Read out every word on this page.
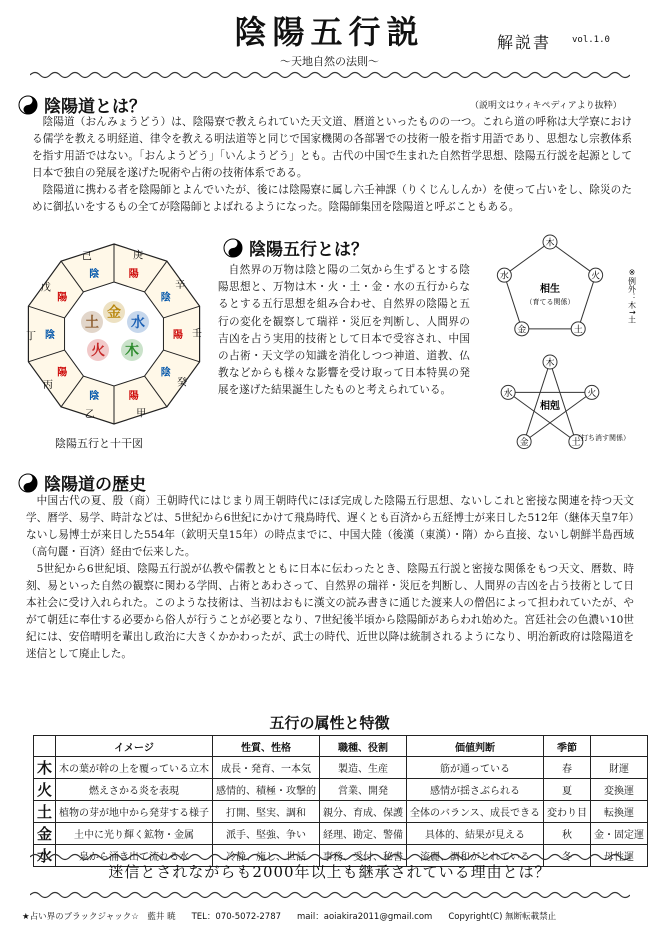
陰陽五行説	解説書 vol.1.0
〜天地自然の法則〜
陰陽道とは？	（説明文はウィキペディアより抜粋）

陰陽道（おんみょうどう）は、陰陽寮で教えられていた天文道、暦道といったものの一つ。これら道の呼称は大学寮における儒学を教える明経道、律令を教える明法道等と同じで国家機関の各部署での技術一般を指す用語であり、思想なし宗教体系を指す用語ではない。「おんようどう」「いんようどう」とも。古代の中国で生まれた自然哲学思想、陰陽五行説を起源として日本で独自の発展を遂げた呪術や占術の技術体系である。

陰陽道に携わる者を陰陽師とよんでいたが、後には陰陽寮に属し六壬神課（りくじんしんか）を使って占いをし、除災のために御払いをするもの全てが陰陽師とよばれるようになった。陰陽師集団を陰陽道と呼ぶこともある。

庚
陽
辛
陰
壬
陽
癸
陰
甲
陽
乙
陰
丙
陽
丁 陰
戊
陽
己
陰
金
水
木
火
土
陰陽五行と十干図
陰陽五行とは？

自然界の万物は陰と陽の二気から生ずるとする陰陽思想と、万物は木・火・土・金・水の五行からなるとする五行思想を組み合わせ、自然界の陰陽と五行の変化を観察して瑞祥・災厄を判断し、人間界の吉凶を占う実用的技術として日本で受容され、中国の占術・天文学の知識を消化しつつ神道、道教、仏教などからも様々な影響を受け取って日本特異の発展を遂げた結果誕生したものと考えられている。

木
火
土
金
水
木
火
土
金
水
相生
（育てる関係）
相剋
（打ち消す関係）
※例外：木↑土
陰陽道の歴史

中国古代の夏、殷（商）王朝時代にはじまり周王朝時代にほぼ完成した陰陽五行思想、ないしこれと密接な関連を持つ天文学、暦学、易学、時計などは、5世紀から6世紀にかけて飛鳥時代、遅くとも百済から五経博士が来日した512年（継体天皇7年）ないし易博士が来日した554年（欽明天皇15年）の時点までに、中国大陸（後漢（東漢）・隋）から直接、ないし朝鮮半島西域（高句麗・百済）経由で伝来した。

5世紀から6世紀頃、陰陽五行説が仏教や儒教とともに日本に伝わったとき、陰陽五行説と密接な関係をもつ天文、暦数、時刻、易といった自然の観察に関わる学問、占術とあわさって、自然界の瑞祥・災厄を判断し、人間界の吉凶を占う技術として日本社会に受け入れられた。このような技術は、当初はおもに漢文の読み書きに通じた渡来人の僧侶によって担われていたが、やがて朝廷に奉仕する必要から俗人が行うことが必要となり、7世紀後半頃から陰陽師があらわれ始めた。宮廷社会の色濃い10世紀には、安倍晴明を輩出し政治に大きくかかわったが、武士の時代、近世以降は統制されるようになり、明治新政府は陰陽道を迷信として廃止した。

五行の属性と特徴
	イメージ	性質、性格	職種、役割	価値判断	季節	
木	木の葉が幹の上を覆っている立木	成長・発育、一本気	製造、生産	筋が通っている	春	財運
火	燃えさかる炎を表現	感情的、積極・攻撃的	営業、開発	感情が揺さぶられる	夏	変換運
土	植物の芽が地中から発芽する様子	打開、堅実、調和	親分、育成、保護	全体のバランス、成長できる	変わり目	転換運
金	土中に光り輝く鉱物・金属	派手、堅強、争い	経理、勘定、警備	具体的、結果が見える	秋	金・固定運
水	泉から涌き出て流れる水	冷静、施し、世話	事務、受付、秘書	流麗、調和がとれている	冬	母性運
迷信とされながらも2000年以上も継承されている理由とは？
★占い界のブラックジャック☆　藍井 暁 TEL：070-5072-2787 mail：aoiakira2011@gmail.com Copyright(C) 無断転載禁止
